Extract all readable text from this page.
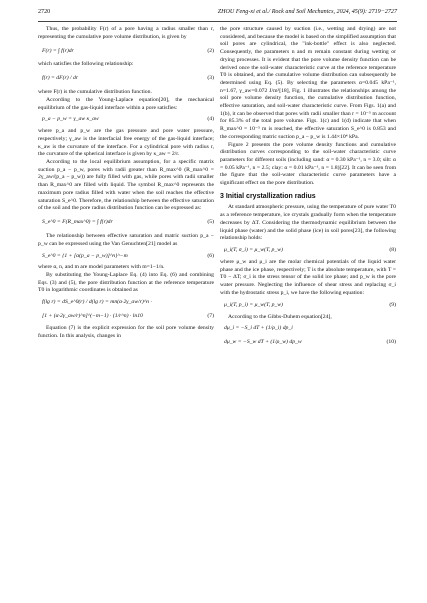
2720	ZHOU Feng-xi et al./ Rock and Soil Mechanics, 2024, 45(9): 2719−2727

Thus, the probability F(r) of a pore having a radius smaller than r, representing the cumulative pore volume distribution, is given by

F(r) = ∫ f(r)dr	(2)

which satisfies the following relationship:

f(r) = dF(r) / dr	(3)

where F(r) is the cumulative distribution function.

According to the Young-Laplace equation[20], the mechanical equilibrium of the gas-liquid interface within a pore satisfies:

p_a − p_w = γ_aw κ_aw	(4)

where p_a and p_w are the gas pressure and pore water pressure, respectively; γ_aw is the interfacial free energy of the gas-liquid interface; κ_aw is the curvature of the interface. For a cylindrical pore with radius r, the curvature of the spherical interface is given by κ_aw = 2/r.

According to the local equilibrium assumption, for a specific matrix suction p_a − p_w, pores with radii greater than R_max^0 (R_max^0 = 2γ_aw/(p_a − p_w)) are fully filled with gas, while pores with radii smaller than R_max^0 are filled with liquid. The symbol R_max^0 represents the maximum pore radius filled with water when the soil reaches the effective saturation S_e^0. Therefore, the relationship between the effective saturation of the soil and the pore radius distribution function can be expressed as:

S_e^0 = F(R_max^0) = ∫ f(r)dr	(5)

The relationship between effective saturation and matric suction p_a − p_w can be expressed using the Van Genuchten[21] model as

S_e^0 = {1 + [α(p_a − p_w)]^n}^−m	(6)

where α, n, and m are model parameters with m=1−1/n.

By substituting the Young-Laplace Eq. (4) into Eq. (6) and combining Eqs. (3) and (5), the pore distribution function at the reference temperature T0 in logarithmic coordinates is obtained as

f(lg r) = dS_e^0(r) / d(lg r) = mn(α·2γ_aw/r)^n ·
[1 + (α·2γ_aw/r)^n]^(−m−1) · (1/r^n) · ln10	(7)

Equation (7) is the explicit expression for the soil pore volume density function. In this analysis, changes in

the pore structure caused by suction (i.e., wetting and drying) are not considered, and because the model is based on the simplified assumption that soil pores are cylindrical, the "ink-bottle" effect is also neglected. Consequently, the parameters n and m remain constant during wetting or drying processes. It is evident that the pore volume density function can be derived once the soil-water characteristic curve at the reference temperature T0 is obtained, and the cumulative volume distribution can subsequently be determined using Eq. (5). By selecting the parameters α=0.045 kPa⁻¹, n=1.67, γ_aw=0.072 J/m²[18], Fig. 1 illustrates the relationships among the soil pore volume density function, the cumulative distribution function, effective saturation, and soil-water characteristic curve. From Figs. 1(a) and 1(b), it can be observed that pores with radii smaller than r = 10⁻⁵ m account for 85.3% of the total pore volume. Figs. 1(c) and 1(d) indicate that when R_max^0 = 10⁻⁵ m is reached, the effective saturation S_e^0 is 0.853 and the corresponding matric suction p_a − p_w is 1.44×10⁴ kPa.

Figure 2 presents the pore volume density functions and cumulative distribution curves corresponding to the soil-water characteristic curve parameters for different soils (including sand: α = 0.30 kPa⁻¹, n = 3.0; silt: α = 0.05 kPa⁻¹, n = 2.5; clay: α = 0.01 kPa⁻¹, n = 1.8)[22]. It can be seen from the figure that the soil-water characteristic curve parameters have a significant effect on the pore distribution.

3 Initial crystallization radius

At standard atmospheric pressure, using the temperature of pure water T0 as a reference temperature, ice crystals gradually form when the temperature decreases by ΔT. Considering the thermodynamic equilibrium between the liquid phase (water) and the solid phase (ice) in soil pores[23], the following relationship holds:

μ_i(T, σ_i) = μ_w(T, p_w)	(8)

where μ_w and μ_i are the molar chemical potentials of the liquid water phase and the ice phase, respectively; T is the absolute temperature, with T = T0 − ΔT; σ_i is the stress tensor of the solid ice phase; and p_w is the pore water pressure. Neglecting the influence of shear stress and replacing σ_i with the hydrostatic stress p_i, we have the following equation:

μ_i(T, p_i) = μ_w(T, p_w)	(9)

According to the Gibbs-Duhem equation[24],

dμ_i = −S_i dT + (1/ρ_i) dp_i
dμ_w = −S_w dT + (1/ρ_w) dp_w	(10)
